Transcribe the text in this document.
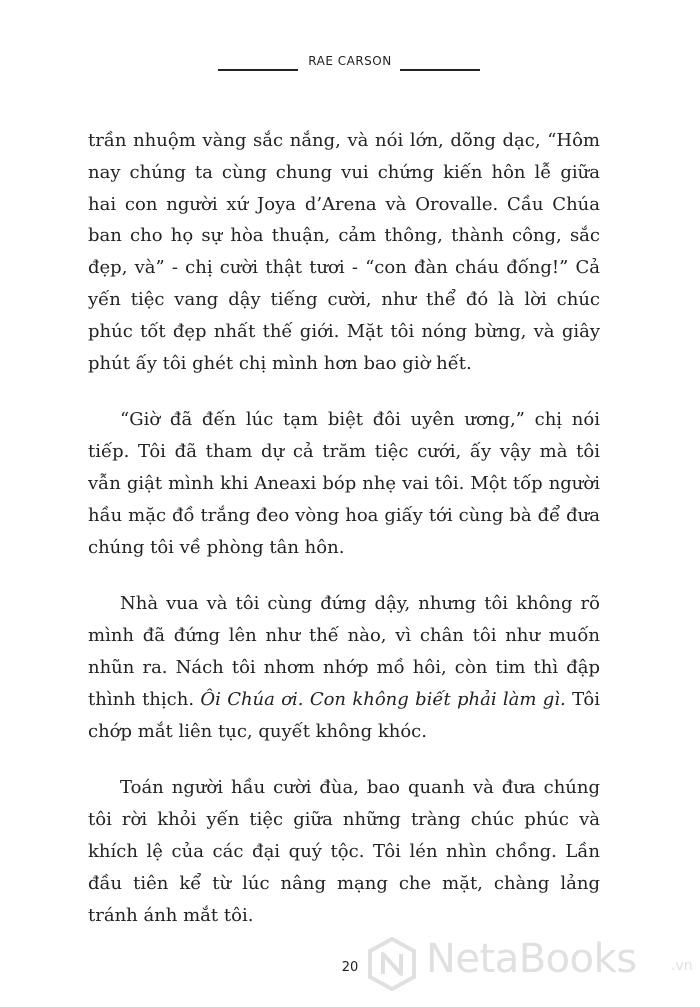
RAE CARSON

trần nhuộm vàng sắc nắng, và nói lớn, dõng dạc, “Hôm nay chúng ta cùng chung vui chứng kiến hôn lễ giữa hai con người xứ Joya d’Arena và Orovalle. Cầu Chúa ban cho họ sự hòa thuận, cảm thông, thành công, sắc đẹp, và” - chị cười thật tươi - “con đàn cháu đống!” Cả yến tiệc vang dậy tiếng cười, như thể đó là lời chúc phúc tốt đẹp nhất thế giới. Mặt tôi nóng bừng, và giây phút ấy tôi ghét chị mình hơn bao giờ hết.

“Giờ đã đến lúc tạm biệt đôi uyên ương,” chị nói tiếp. Tôi đã tham dự cả trăm tiệc cưới, ấy vậy mà tôi vẫn giật mình khi Aneaxi bóp nhẹ vai tôi. Một tốp người hầu mặc đồ trắng đeo vòng hoa giấy tới cùng bà để đưa chúng tôi về phòng tân hôn.

Nhà vua và tôi cùng đứng dậy, nhưng tôi không rõ mình đã đứng lên như thế nào, vì chân tôi như muốn nhũn ra. Nách tôi nhơm nhớp mồ hôi, còn tim thì đập thình thịch. Ôi Chúa ơi. Con không biết phải làm gì. Tôi chớp mắt liên tục, quyết không khóc.

Toán người hầu cười đùa, bao quanh và đưa chúng tôi rời khỏi yến tiệc giữa những tràng chúc phúc và khích lệ của các đại quý tộc. Tôi lén nhìn chồng. Lần đầu tiên kể từ lúc nâng mạng che mặt, chàng lảng tránh ánh mắt tôi.

20 NetaBooks .vn
